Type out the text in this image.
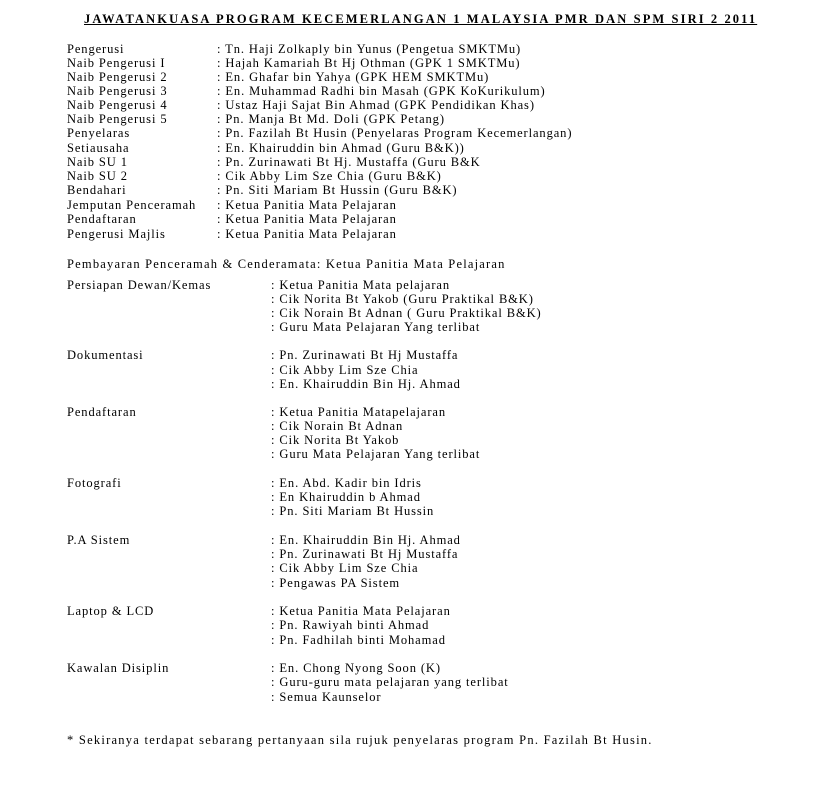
JAWATANKUASA PROGRAM KECEMERLANGAN 1 MALAYSIA PMR DAN SPM SIRI 2 2011
Pengerusi	: Tn. Haji Zolkaply bin Yunus (Pengetua SMKTMu)
Naib Pengerusi I	: Hajah Kamariah Bt Hj Othman (GPK 1 SMKTMu)
Naib Pengerusi 2	: En. Ghafar bin Yahya (GPK HEM SMKTMu)
Naib Pengerusi 3	: En. Muhammad Radhi bin Masah (GPK KoKurikulum)
Naib Pengerusi 4	: Ustaz Haji Sajat Bin Ahmad (GPK Pendidikan Khas)
Naib Pengerusi 5	: Pn. Manja Bt Md. Doli (GPK Petang)
Penyelaras	: Pn. Fazilah Bt Husin (Penyelaras Program Kecemerlangan)
Setiausaha	: En. Khairuddin bin Ahmad (Guru B&K))
Naib SU 1	: Pn. Zurinawati Bt Hj. Mustaffa (Guru B&K
Naib SU 2	: Cik Abby Lim Sze Chia (Guru B&K)
Bendahari	: Pn. Siti Mariam Bt Hussin (Guru B&K)
Jemputan Penceramah : Ketua Panitia Mata Pelajaran
Pendaftaran	: Ketua Panitia Mata Pelajaran
Pengerusi Majlis	: Ketua Panitia Mata Pelajaran
Pembayaran Penceramah & Cenderamata: Ketua Panitia Mata Pelajaran
Persiapan Dewan/Kemas	: Ketua Panitia Mata pelajaran
: Cik Norita Bt Yakob (Guru Praktikal B&K)
: Cik Norain Bt Adnan ( Guru Praktikal B&K)
: Guru Mata Pelajaran Yang terlibat
Dokumentasi	: Pn. Zurinawati Bt Hj Mustaffa
: Cik Abby Lim Sze Chia
: En. Khairuddin Bin Hj. Ahmad
Pendaftaran	: Ketua Panitia Matapelajaran
: Cik Norain Bt Adnan
: Cik Norita Bt Yakob
: Guru Mata Pelajaran Yang terlibat
Fotografi	: En. Abd. Kadir bin Idris
: En Khairuddin b Ahmad
: Pn. Siti Mariam Bt Hussin
P.A Sistem	: En. Khairuddin Bin Hj. Ahmad
: Pn. Zurinawati Bt Hj Mustaffa
: Cik Abby Lim Sze Chia
: Pengawas PA Sistem
Laptop & LCD	: Ketua Panitia Mata Pelajaran
: Pn. Rawiyah binti Ahmad
: Pn. Fadhilah binti Mohamad
Kawalan Disiplin	: En. Chong Nyong Soon (K)
: Guru-guru mata pelajaran yang terlibat
: Semua Kaunselor
* Sekiranya terdapat sebarang pertanyaan sila rujuk penyelaras program Pn. Fazilah Bt Husin.
